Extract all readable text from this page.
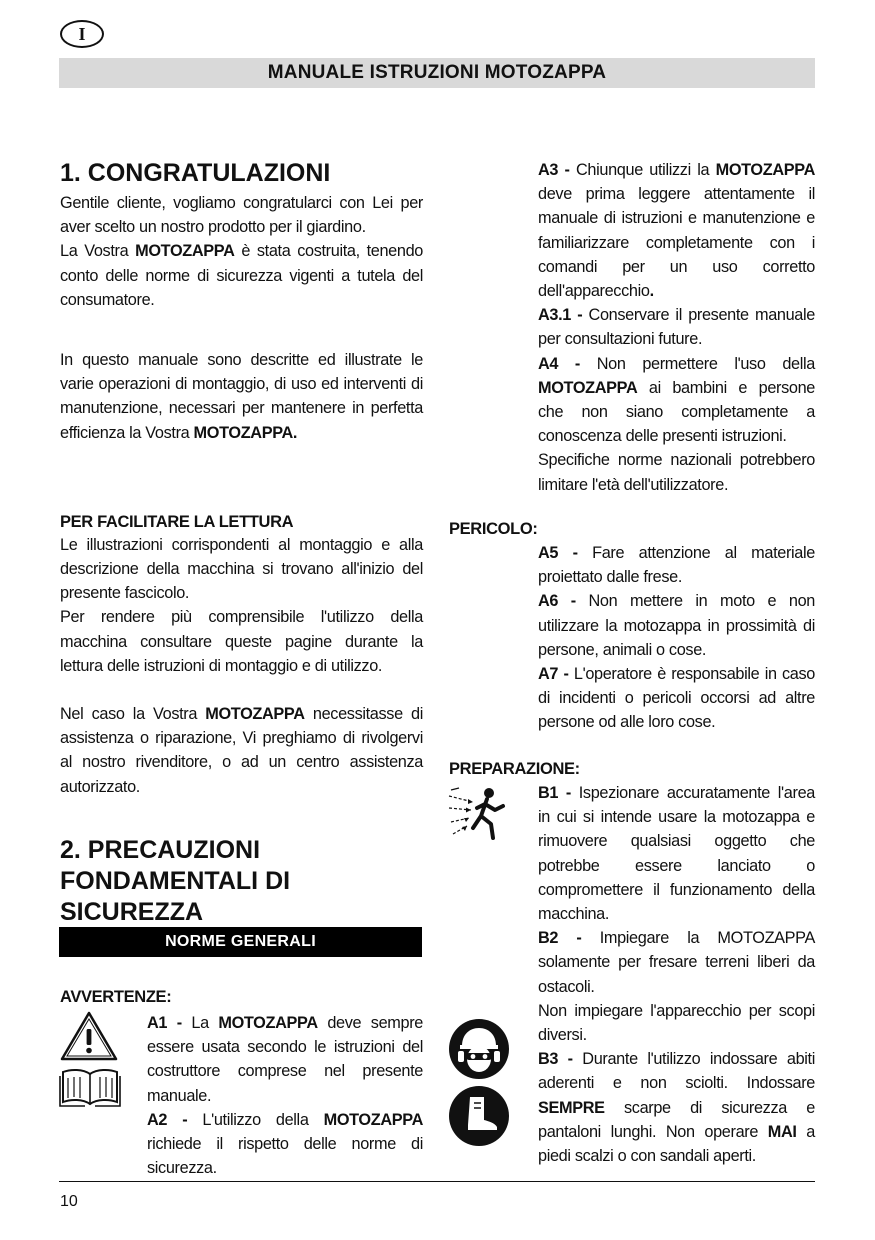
I
MANUALE ISTRUZIONI MOTOZAPPA
1. CONGRATULAZIONI

Gentile cliente, vogliamo congratularci con Lei per aver scelto un nostro prodotto per il giardino.

La Vostra MOTOZAPPA è stata costruita, tenendo conto delle norme di sicurezza vigenti a tutela del consumatore.

In questo manuale sono descritte ed illustrate le varie operazioni di montaggio, di uso ed interventi di manutenzione, necessari per mantenere in perfetta efficienza la Vostra MOTOZAPPA.

PER FACILITARE LA LETTURA

Le illustrazioni corrispondenti al montaggio e alla descrizione della macchina si trovano all'inizio del presente fascicolo.

Per rendere più comprensibile l'utilizzo della macchina consultare queste pagine durante la lettura delle istruzioni di montaggio e di utilizzo.

Nel caso la Vostra MOTOZAPPA necessitasse di assistenza o riparazione, Vi preghiamo di rivolgervi al nostro rivenditore, o ad un centro assistenza autorizzato.

2. PRECAUZIONI FONDAMENTALI DI SICUREZZA
NORME GENERALI
AVVERTENZE:

A1 - La MOTOZAPPA deve sempre essere usata secondo le istruzioni del costruttore comprese nel presente manuale.

A2 - L'utilizzo della MOTOZAPPA richiede il rispetto delle norme di sicurezza.

A3 - Chiunque utilizzi la MOTOZAPPA deve prima leggere attentamente il manuale di istruzioni e manutenzione e familiarizzare completamente con i comandi per un uso corretto dell'apparecchio.

A3.1 - Conservare il presente manuale per consultazioni future.

A4 - Non permettere l'uso della MOTOZAPPA ai bambini e persone che non siano completamente a conoscenza delle presenti istruzioni.

Specifiche norme nazionali potrebbero limitare l'età dell'utilizzatore.

PERICOLO:

A5 - Fare attenzione al materiale proiettato dalle frese.

A6 - Non mettere in moto e non utilizzare la motozappa in prossimità di persone, animali o cose.

A7 - L'operatore è responsabile in caso di incidenti o pericoli occorsi ad altre persone od alle loro cose.

PREPARAZIONE:

B1 - Ispezionare accuratamente l'area in cui si intende usare la motozappa e rimuovere qualsiasi oggetto che potrebbe essere lanciato o compromettere il funzionamento della macchina.

B2 - Impiegare la MOTOZAPPA solamente per fresare terreni liberi da ostacoli.

Non impiegare l'apparecchio per scopi diversi.

B3 - Durante l'utilizzo indossare abiti aderenti e non sciolti. Indossare SEMPRE scarpe di sicurezza e pantaloni lunghi. Non operare MAI a piedi scalzi o con sandali aperti.

10
